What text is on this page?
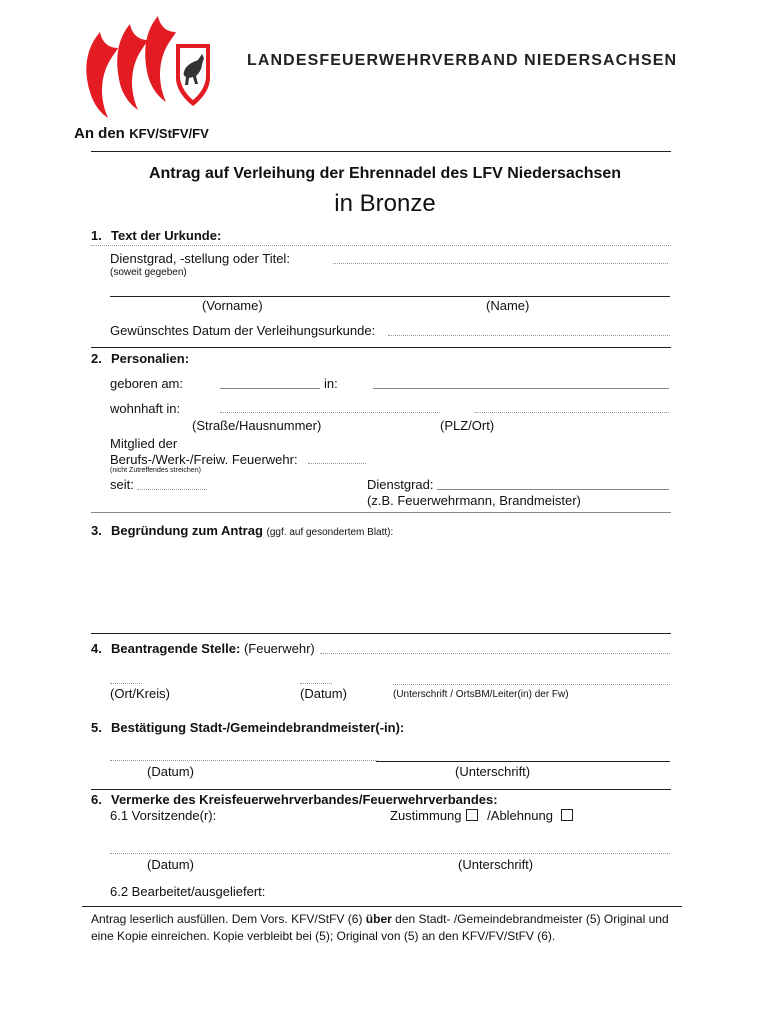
LANDESFEUERWEHRVERBAND NIEDERSACHSEN
An den KFV/StFV/FV
Antrag auf Verleihung der Ehrennadel des LFV Niedersachsen
in Bronze
1. Text der Urkunde:
Dienstgrad, -stellung oder Titel:
(soweit gegeben)
(Vorname)	(Name)
Gewünschtes Datum der Verleihungsurkunde:
2. Personalien:
geboren am:	in:
wohnhaft in:
(Straße/Hausnummer)	(PLZ/Ort)
Mitglied der
Berufs-/Werk-/Freiw. Feuerwehr:
(nicht Zutreffendes streichen)
seit:	Dienstgrad:
(z.B. Feuerwehrmann, Brandmeister)
3. Begründung zum Antrag (ggf. auf gesondertem Blatt):
4. Beantragende Stelle: (Feuerwehr)
(Ort/Kreis)	(Datum)	(Unterschrift / OrtsBM/Leiter(in) der Fw)
5. Bestätigung Stadt-/Gemeindebrandmeister(-in):
(Datum)	(Unterschrift)
6. Vermerke des Kreisfeuerwehrverbandes/Feuerwehrverbandes:
6.1 Vorsitzende(r):	Zustimmung /Ablehnung
(Datum)	(Unterschrift)
6.2 Bearbeitet/ausgeliefert:
Antrag leserlich ausfüllen. Dem Vors. KFV/StFV (6) über den Stadt- /Gemeindebrandmeister (5) Original und
eine Kopie einreichen. Kopie verbleibt bei (5); Original von (5) an den KFV/FV/StFV (6).
